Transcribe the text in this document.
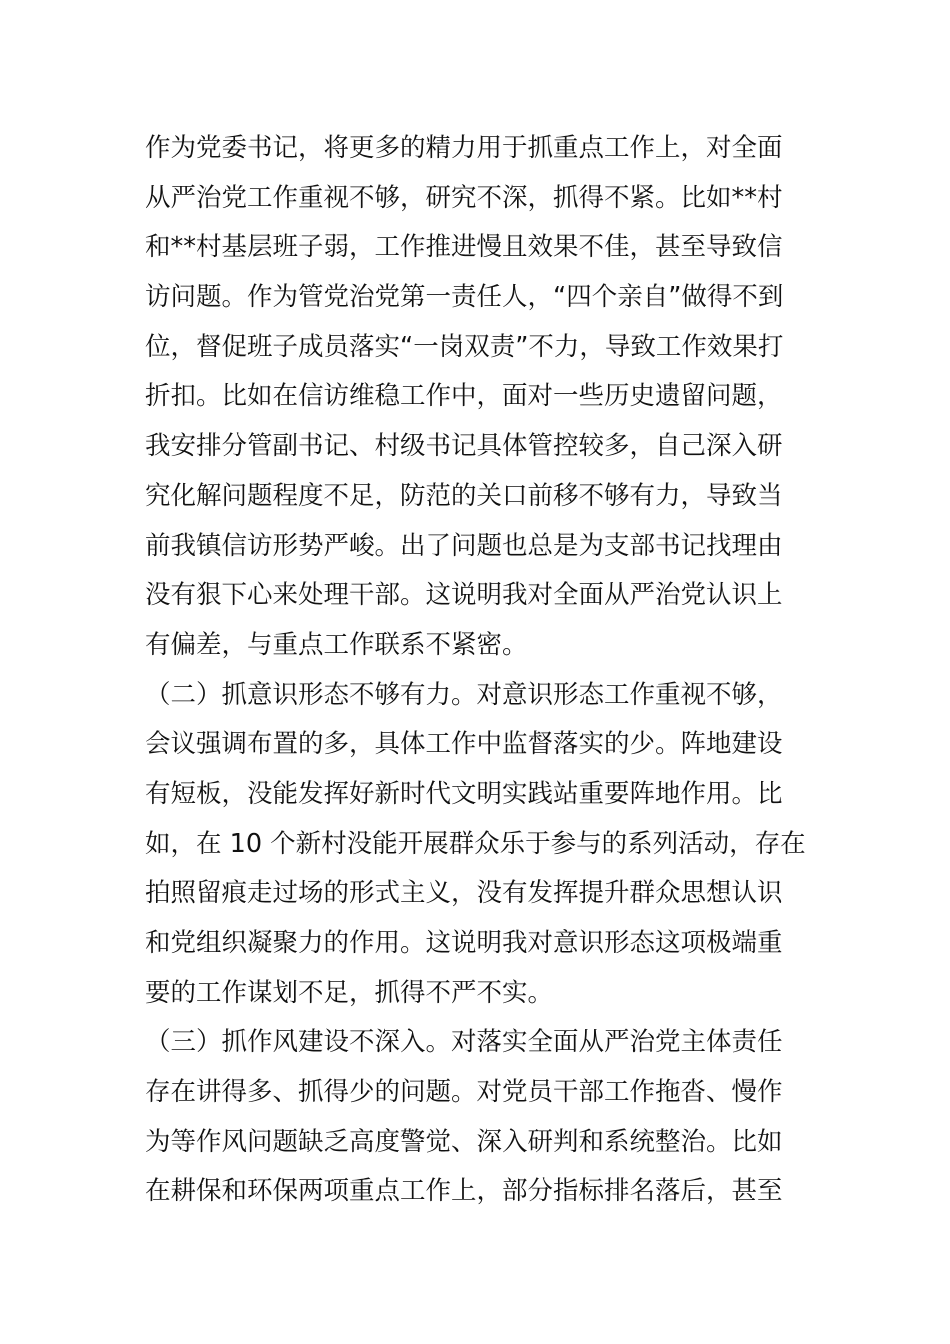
作为党委书记，将更多的精力用于抓重点工作上，对全面
从严治党工作重视不够，研究不深，抓得不紧。比如**村
和**村基层班子弱，工作推进慢且效果不佳，甚至导致信
访问题。作为管党治党第一责任人，“四个亲自”做得不到
位，督促班子成员落实“一岗双责”不力，导致工作效果打
折扣。比如在信访维稳工作中，面对一些历史遗留问题，
我安排分管副书记、村级书记具体管控较多，自己深入研
究化解问题程度不足，防范的关口前移不够有力，导致当
前我镇信访形势严峻。出了问题也总是为支部书记找理由
没有狠下心来处理干部。这说明我对全面从严治党认识上
有偏差，与重点工作联系不紧密。
（二）抓意识形态不够有力。对意识形态工作重视不够，
会议强调布置的多，具体工作中监督落实的少。阵地建设
有短板，没能发挥好新时代文明实践站重要阵地作用。比
如，在 10 个新村没能开展群众乐于参与的系列活动，存在
拍照留痕走过场的形式主义，没有发挥提升群众思想认识
和党组织凝聚力的作用。这说明我对意识形态这项极端重
要的工作谋划不足，抓得不严不实。
（三）抓作风建设不深入。对落实全面从严治党主体责任
存在讲得多、抓得少的问题。对党员干部工作拖沓、慢作
为等作风问题缺乏高度警觉、深入研判和系统整治。比如
在耕保和环保两项重点工作上，部分指标排名落后，甚至
